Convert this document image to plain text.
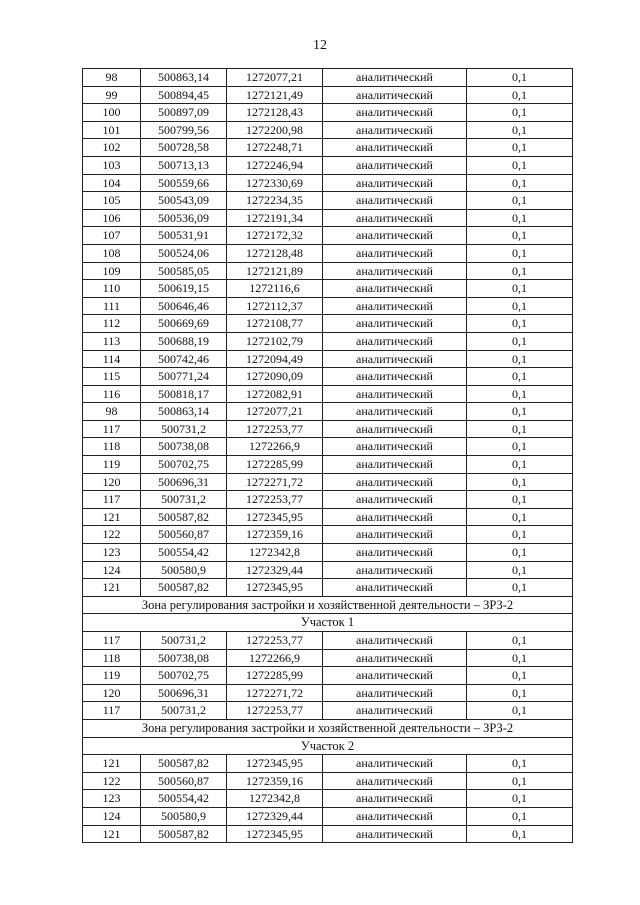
12
98	500863,14	1272077,21	аналитический	0,1
99	500894,45	1272121,49	аналитический	0,1
100	500897,09	1272128,43	аналитический	0,1
101	500799,56	1272200,98	аналитический	0,1
102	500728,58	1272248,71	аналитический	0,1
103	500713,13	1272246,94	аналитический	0,1
104	500559,66	1272330,69	аналитический	0,1
105	500543,09	1272234,35	аналитический	0,1
106	500536,09	1272191,34	аналитический	0,1
107	500531,91	1272172,32	аналитический	0,1
108	500524,06	1272128,48	аналитический	0,1
109	500585,05	1272121,89	аналитический	0,1
110	500619,15	1272116,6	аналитический	0,1
111	500646,46	1272112,37	аналитический	0,1
112	500669,69	1272108,77	аналитический	0,1
113	500688,19	1272102,79	аналитический	0,1
114	500742,46	1272094,49	аналитический	0,1
115	500771,24	1272090,09	аналитический	0,1
116	500818,17	1272082,91	аналитический	0,1
98	500863,14	1272077,21	аналитический	0,1
117	500731,2	1272253,77	аналитический	0,1
118	500738,08	1272266,9	аналитический	0,1
119	500702,75	1272285,99	аналитический	0,1
120	500696,31	1272271,72	аналитический	0,1
117	500731,2	1272253,77	аналитический	0,1
121	500587,82	1272345,95	аналитический	0,1
122	500560,87	1272359,16	аналитический	0,1
123	500554,42	1272342,8	аналитический	0,1
124	500580,9	1272329,44	аналитический	0,1
121	500587,82	1272345,95	аналитический	0,1
Зона регулирования застройки и хозяйственной деятельности – ЗРЗ-2				
Участок 1				
117	500731,2	1272253,77	аналитический	0,1
118	500738,08	1272266,9	аналитический	0,1
119	500702,75	1272285,99	аналитический	0,1
120	500696,31	1272271,72	аналитический	0,1
117	500731,2	1272253,77	аналитический	0,1
Зона регулирования застройки и хозяйственной деятельности – ЗРЗ-2				
Участок 2				
121	500587,82	1272345,95	аналитический	0,1
122	500560,87	1272359,16	аналитический	0,1
123	500554,42	1272342,8	аналитический	0,1
124	500580,9	1272329,44	аналитический	0,1
121	500587,82	1272345,95	аналитический	0,1
